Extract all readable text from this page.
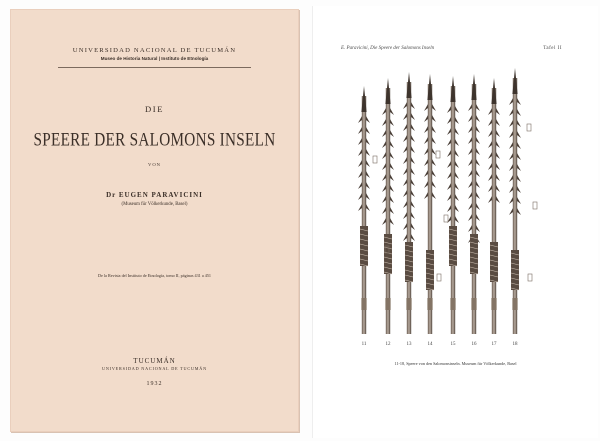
UNIVERSIDAD NACIONAL DE TUCUMÁN
Museo de Historia Natural | Instituto de Etnología
DIE
SPEERE DER SALOMONS INSELN
VON
Dr EUGEN PARAVICINI
(Museum für Völkerkunde, Basel)
De la Revista del Instituto de Etnología, tomo II, páginas 431 a 451
TUCUMÁN
UNIVERSIDAD NACIONAL DE TUCUMÁN
1932
E. Paravicini, Die Speere der Salomons Inseln	Tafel II
11	12	13	14	15	16	17	18
11-18, Speere von den Salomonsinseln. Museum für Völkerkunde, Basel
